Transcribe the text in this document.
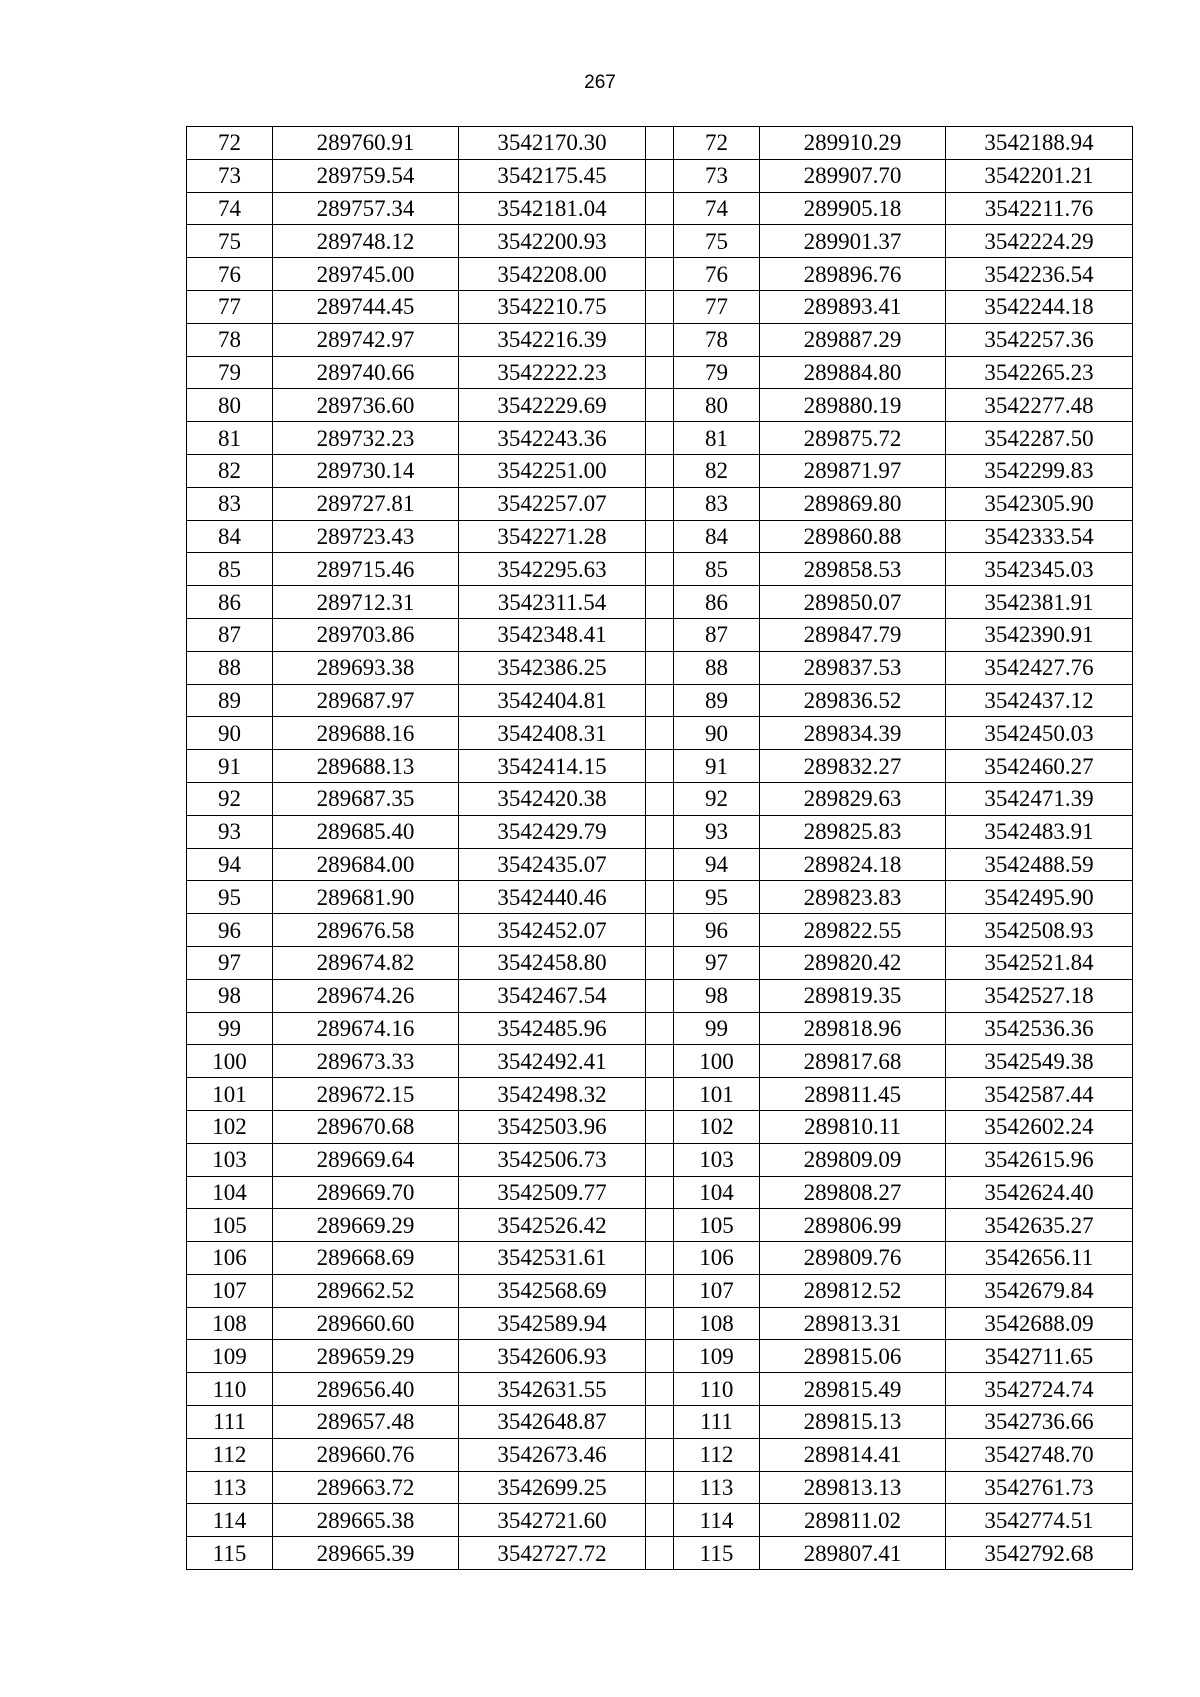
267
72	289760.91	3542170.30		72	289910.29	3542188.94
73	289759.54	3542175.45		73	289907.70	3542201.21
74	289757.34	3542181.04		74	289905.18	3542211.76
75	289748.12	3542200.93		75	289901.37	3542224.29
76	289745.00	3542208.00		76	289896.76	3542236.54
77	289744.45	3542210.75		77	289893.41	3542244.18
78	289742.97	3542216.39		78	289887.29	3542257.36
79	289740.66	3542222.23		79	289884.80	3542265.23
80	289736.60	3542229.69		80	289880.19	3542277.48
81	289732.23	3542243.36		81	289875.72	3542287.50
82	289730.14	3542251.00		82	289871.97	3542299.83
83	289727.81	3542257.07		83	289869.80	3542305.90
84	289723.43	3542271.28		84	289860.88	3542333.54
85	289715.46	3542295.63		85	289858.53	3542345.03
86	289712.31	3542311.54		86	289850.07	3542381.91
87	289703.86	3542348.41		87	289847.79	3542390.91
88	289693.38	3542386.25		88	289837.53	3542427.76
89	289687.97	3542404.81		89	289836.52	3542437.12
90	289688.16	3542408.31		90	289834.39	3542450.03
91	289688.13	3542414.15		91	289832.27	3542460.27
92	289687.35	3542420.38		92	289829.63	3542471.39
93	289685.40	3542429.79		93	289825.83	3542483.91
94	289684.00	3542435.07		94	289824.18	3542488.59
95	289681.90	3542440.46		95	289823.83	3542495.90
96	289676.58	3542452.07		96	289822.55	3542508.93
97	289674.82	3542458.80		97	289820.42	3542521.84
98	289674.26	3542467.54		98	289819.35	3542527.18
99	289674.16	3542485.96		99	289818.96	3542536.36
100	289673.33	3542492.41		100	289817.68	3542549.38
101	289672.15	3542498.32		101	289811.45	3542587.44
102	289670.68	3542503.96		102	289810.11	3542602.24
103	289669.64	3542506.73		103	289809.09	3542615.96
104	289669.70	3542509.77		104	289808.27	3542624.40
105	289669.29	3542526.42		105	289806.99	3542635.27
106	289668.69	3542531.61		106	289809.76	3542656.11
107	289662.52	3542568.69		107	289812.52	3542679.84
108	289660.60	3542589.94		108	289813.31	3542688.09
109	289659.29	3542606.93		109	289815.06	3542711.65
110	289656.40	3542631.55		110	289815.49	3542724.74
111	289657.48	3542648.87		111	289815.13	3542736.66
112	289660.76	3542673.46		112	289814.41	3542748.70
113	289663.72	3542699.25		113	289813.13	3542761.73
114	289665.38	3542721.60		114	289811.02	3542774.51
115	289665.39	3542727.72		115	289807.41	3542792.68
